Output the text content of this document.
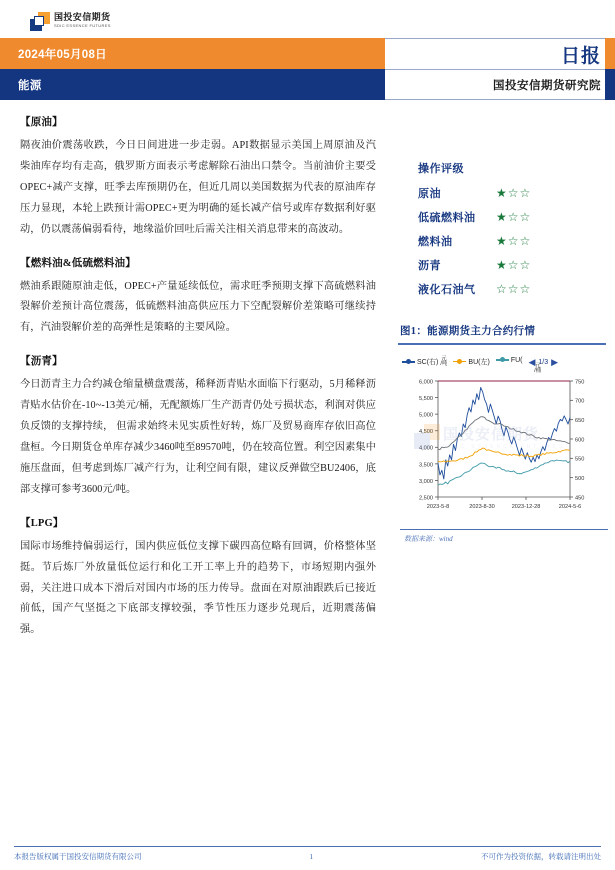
国投安信期货
SDIC ESSENCE FUTURES
2024年05月08日	日报
能源	国投安信期货研究院
【原油】
隔夜油价震荡收跌，今日日间进进一步走弱。API数据显示美国上周原油及汽柴油库存均有走高，俄罗斯方面表示考虑解除石油出口禁令。当前油价主要受OPEC+减产支撑，旺季去库预期仍在，但近几周以美国数据为代表的原油库存压力显现，本轮上跌预计需OPEC+更为明确的延长减产信号或库存数据利好驱动，仍以震荡偏弱看待，地缘溢价回吐后需关注相关消息带来的高波动。
【燃料油&低硫燃料油】
燃油系跟随原油走低，OPEC+产量延续低位，需求旺季预期支撑下高硫燃料油裂解价差预计高位震荡，低硫燃料油高供应压力下空配裂解价差策略可继续持有，汽油裂解价差的高弹性是策略的主要风险。
【沥青】
今日沥青主力合约减仓缩量横盘震荡，稀释沥青贴水面临下行驱动，5月稀释沥青贴水估价在-10~-13美元/桶，无配额炼厂生产沥青仍处亏损状态，利润对供应负反馈的支撑持续， 但需求始终未见实质性好转，炼厂及贸易商库存依旧高位盘桓。今日期货仓单库存减少3460吨至89570吨，仍在较高位置。利空因素集中施压盘面，但考虑到炼厂减产行为，让利空间有限，建议反弹做空BU2406，底部支撑可参考3600元/吨。
【LPG】
国际市场维持偏弱运行，国内供应低位支撑下碳四高位略有回调，价格整体坚挺。节后炼厂外放量低位运行和化工开工率上升的趋势下，市场短期内强外弱，关注进口成本下滑后对国内市场的压力传导。盘面在对原油跟跌后已接近前低，国产气坚挺之下底部支撑较强，季节性压力逐步兑现后，近期震荡偏强。
操作评级
原油	★☆☆
低硫燃料油	★☆☆
燃料油	★☆☆
沥青	★☆☆
液化石油气	☆☆☆
图1：能源期货主力合约行情
SC(右)
元
/吨	BU(左)	FU( ◀ 1/3 ▶
元
/桶
国投安信期货
SDIC ESSENCE FUTURES
2,500
3,000
3,500
4,000
4,500
5,000
5,500
6,000
450
500
550
600
650
700
750
2023-5-8	2023-8-30	2023-12-28	2024-5-6
数据来源：wind
本报告版权属于国投安信期货有限公司	1	不可作为投资依据，转载请注明出处
